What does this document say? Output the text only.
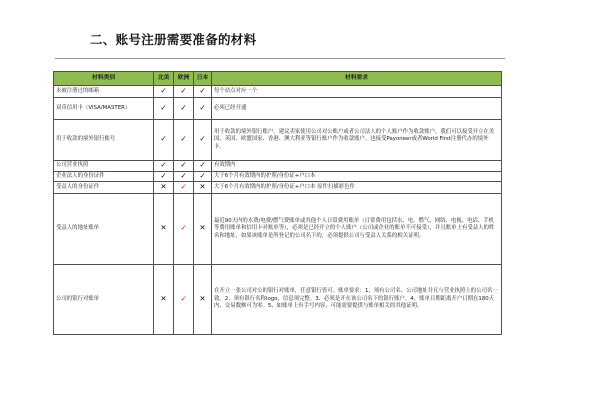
二、账号注册需要准备的材料
材料类别	北美	欧洲	日本	材料要求
未被注册过的邮箱	✓	✓	✓	每个站点对应一个
双币信用卡（VISA/MASTER）	✓	✓	✓	必须已经开通
用于收款的境外银行账号	✓	✓	✓	用于收款的境外银行账户。建议卖家使用公司对公账户或者公司法人的个人账户作为收款账户。我们可以接受开立在美国、英国、欧盟国家、香港、澳大利亚等银行账户作为收款账户。也接受Payoneer或者World First注册代办的境外卡。
公司营业执照	✓	✓	✓	有效期内
企业法人的身份证件	✓	✓	✓	大于6个月有效期内的护照/身份证+户口本
受益人的身份证件	✕	✓	✕	大于6个月有效期内的护照/身份证+户口本 原件扫描彩色件
受益人的地址账单	✕	✓	✕	最近90天内的水费/电费/燃气费账单或其他个人日常费用账单（日常费用包括水、电、燃气、网络、电视、电话、手机等费用账单和信用卡对账单等），必须是已经开立的个人账户（公司或企业的账单不可接受），并且账单上有受益人的姓名和地址，如果该账单是所登记的公司名下的，必须提供公司与受益人关系的相关证明。
公司的银行对账单	✕	✓	✕	在开立一张公司对公的银行对账单，任意银行皆可。账单要求：1、须有公司名、公司地址并且与营业执照上的公司名一致。2、须有银行名称logo，信息须完整。3、必须是开在该公司名下的银行账户。4、账单日期距离开户日期在180天内，交易数额可为零。5、如账单上有手写内容，可能需要提供与账单相关的其他证明。
